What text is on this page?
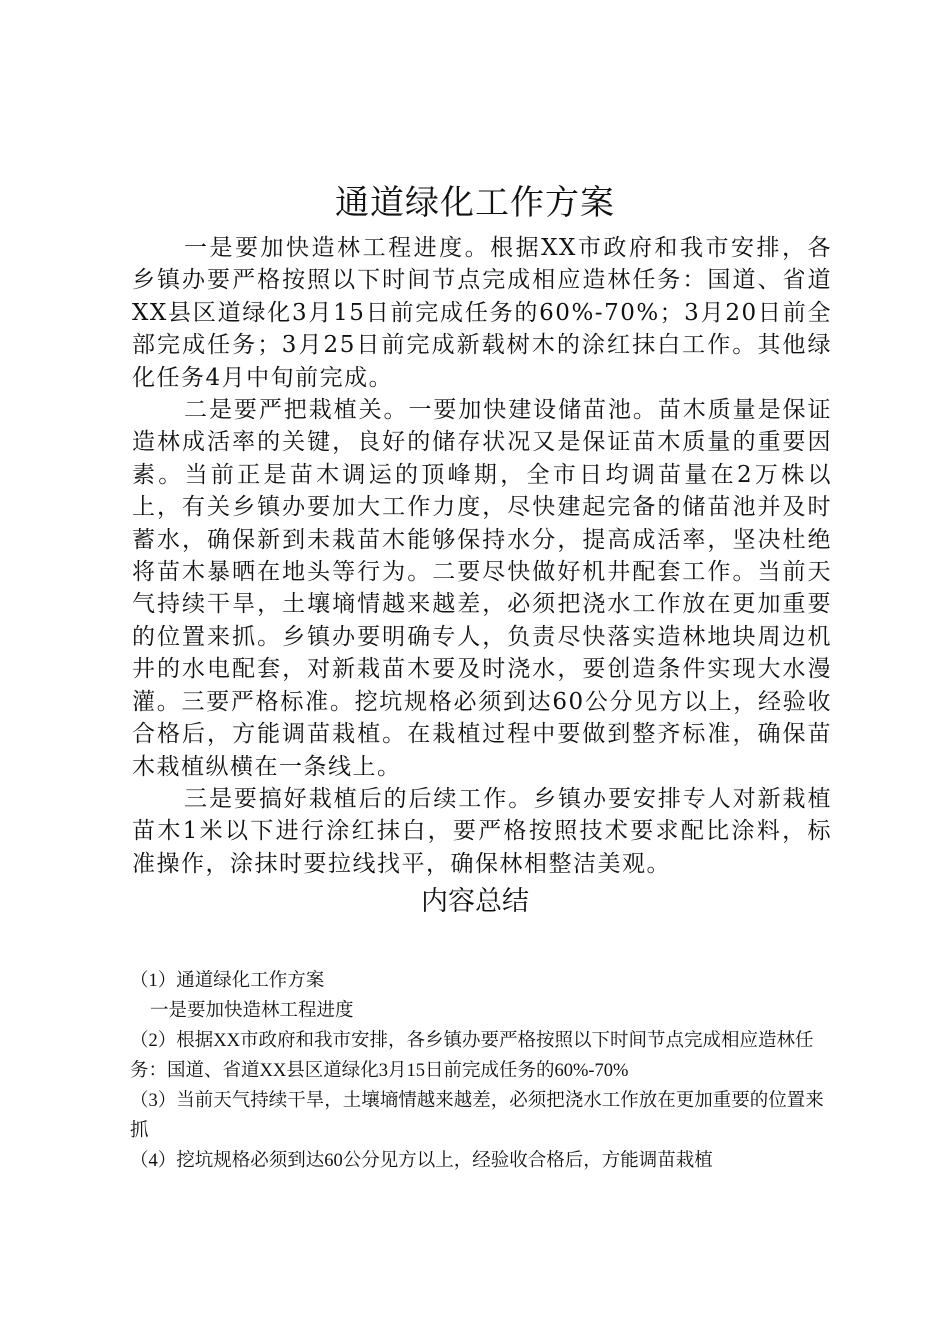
通道绿化工作方案

一是要加快造林工程进度。根据XX市政府和我市安排，各乡镇办要严格按照以下时间节点完成相应造林任务：国道、省道XX县区道绿化3月15日前完成任务的60%-70%；3月20日前全部完成任务；3月25日前完成新载树木的涂红抹白工作。其他绿化任务4月中旬前完成。

二是要严把栽植关。一要加快建设储苗池。苗木质量是保证造林成活率的关键，良好的储存状况又是保证苗木质量的重要因素。当前正是苗木调运的顶峰期，全市日均调苗量在2万株以上，有关乡镇办要加大工作力度，尽快建起完备的储苗池并及时蓄水，确保新到未栽苗木能够保持水分，提高成活率，坚决杜绝将苗木暴晒在地头等行为。二要尽快做好机井配套工作。当前天气持续干旱，土壤墒情越来越差，必须把浇水工作放在更加重要的位置来抓。乡镇办要明确专人，负责尽快落实造林地块周边机井的水电配套，对新栽苗木要及时浇水，要创造条件实现大水漫灌。三要严格标准。挖坑规格必须到达60公分见方以上，经验收合格后，方能调苗栽植。在栽植过程中要做到整齐标准，确保苗木栽植纵横在一条线上。

三是要搞好栽植后的后续工作。乡镇办要安排专人对新栽植苗木1米以下进行涂红抹白，要严格按照技术要求配比涂料，标准操作，涂抹时要拉线找平，确保林相整洁美观。

内容总结

（1）通道绿化工作方案

一是要加快造林工程进度

（2）根据XX市政府和我市安排，各乡镇办要严格按照以下时间节点完成相应造林任务：国道、省道XX县区道绿化3月15日前完成任务的60%-70%

（3）当前天气持续干旱，土壤墒情越来越差，必须把浇水工作放在更加重要的位置来抓

（4）挖坑规格必须到达60公分见方以上，经验收合格后，方能调苗栽植
